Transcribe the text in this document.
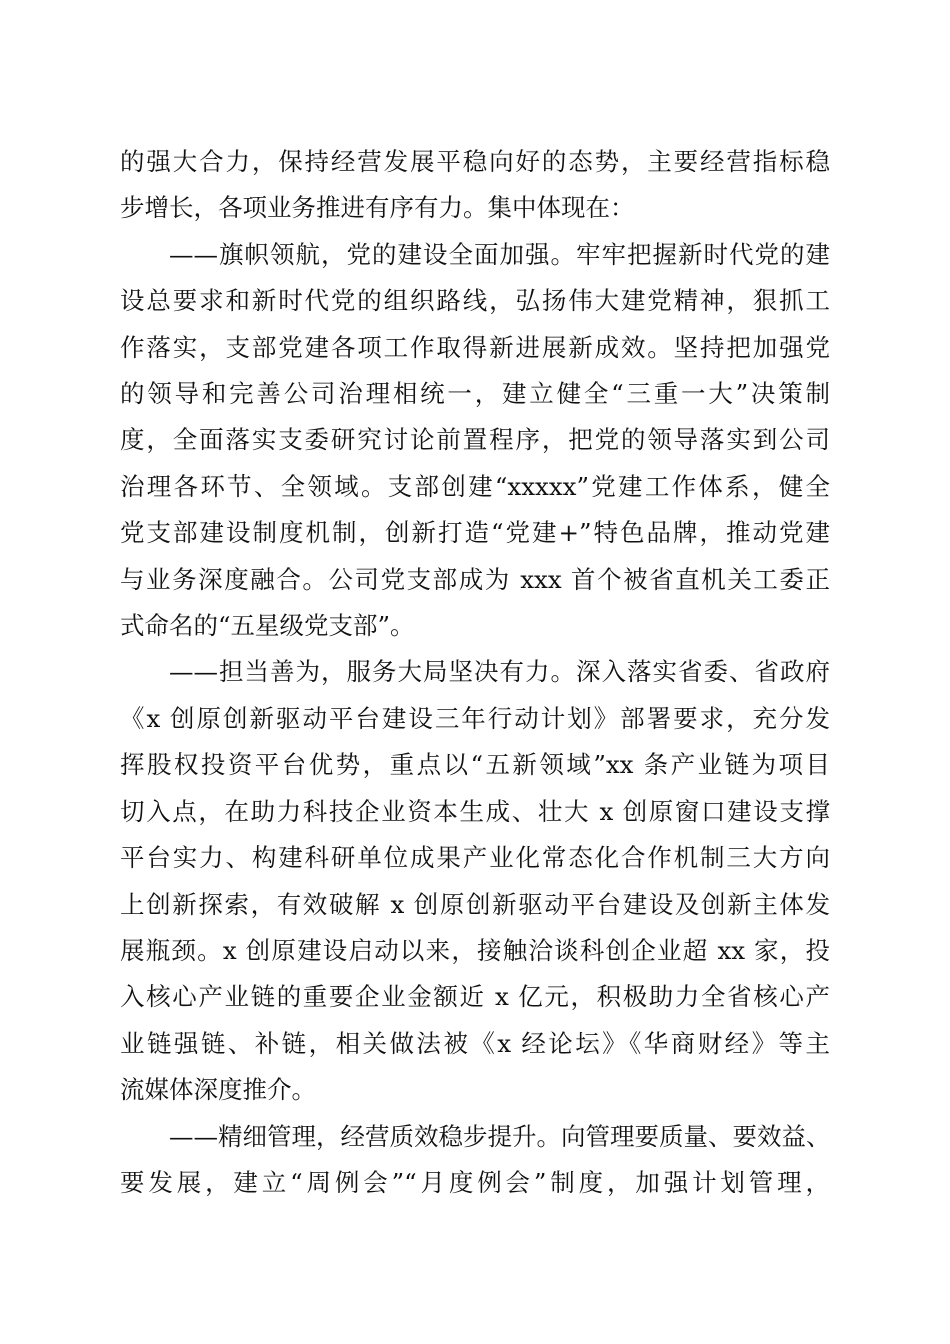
的强大合力，保持经营发展平稳向好的态势，主要经营指标稳
步增长，各项业务推进有序有力。集中体现在：
——旗帜领航，党的建设全面加强。牢牢把握新时代党的建
设总要求和新时代党的组织路线，弘扬伟大建党精神，狠抓工
作落实，支部党建各项工作取得新进展新成效。坚持把加强党
的领导和完善公司治理相统一，建立健全“三重一大”决策制
度，全面落实支委研究讨论前置程序，把党的领导落实到公司
治理各环节、全领域。支部创建“xxxxx”党建工作体系，健全
党支部建设制度机制，创新打造“党建+”特色品牌，推动党建
与业务深度融合。公司党支部成为 xxx 首个被省直机关工委正
式命名的“五星级党支部”。
——担当善为，服务大局坚决有力。深入落实省委、省政府
《x 创原创新驱动平台建设三年行动计划》部署要求，充分发
挥股权投资平台优势，重点以“五新领域”xx 条产业链为项目
切入点，在助力科技企业资本生成、壮大 x 创原窗口建设支撑
平台实力、构建科研单位成果产业化常态化合作机制三大方向
上创新探索，有效破解 x 创原创新驱动平台建设及创新主体发
展瓶颈。x 创原建设启动以来，接触洽谈科创企业超 xx 家，投
入核心产业链的重要企业金额近 x 亿元，积极助力全省核心产
业链强链、补链，相关做法被《x 经论坛》《华商财经》等主
流媒体深度推介。
——精细管理，经营质效稳步提升。向管理要质量、要效益、
要发展，建立“周例会”“月度例会”制度，加强计划管理，
